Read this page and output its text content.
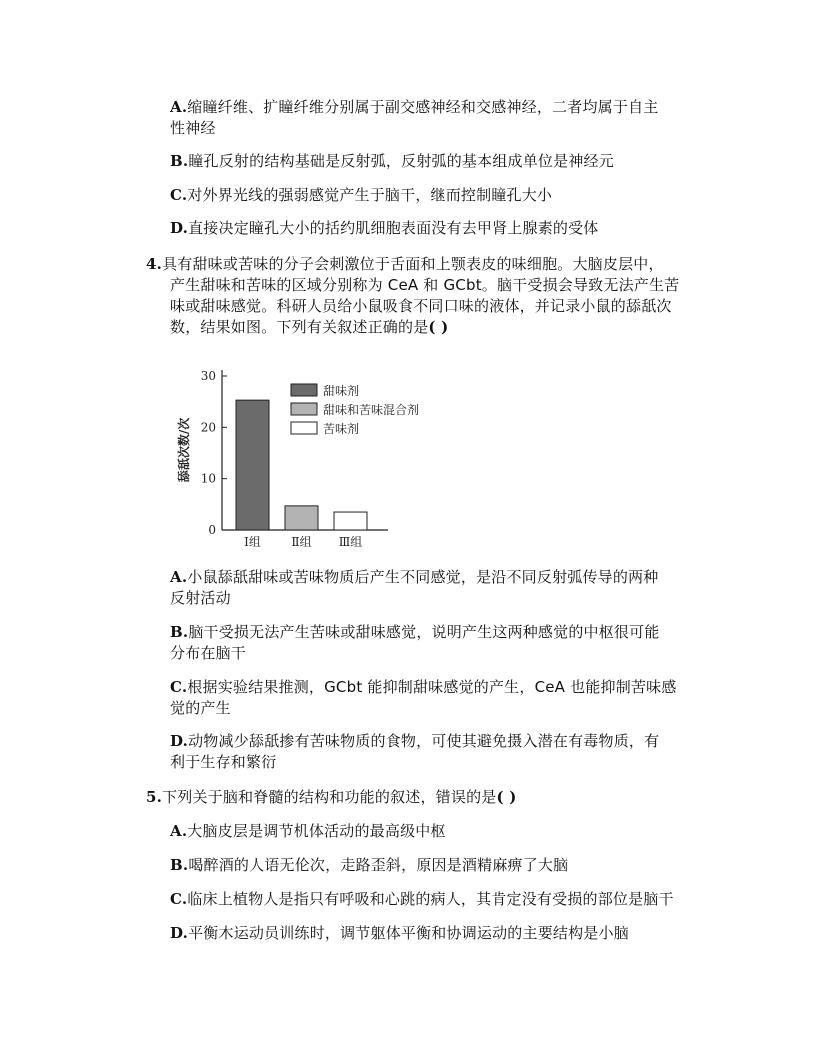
A.缩瞳纤维、扩瞳纤维分别属于副交感神经和交感神经，二者均属于自主
性神经
B.瞳孔反射的结构基础是反射弧，反射弧的基本组成单位是神经元
C.对外界光线的强弱感觉产生于脑干，继而控制瞳孔大小
D.直接决定瞳孔大小的括约肌细胞表面没有去甲肾上腺素的受体
4.具有甜味或苦味的分子会刺激位于舌面和上颚表皮的味细胞。大脑皮层中，
产生甜味和苦味的区域分别称为 CeA 和 GCbt。脑干受损会导致无法产生苦
味或甜味感觉。科研人员给小鼠吸食不同口味的液体，并记录小鼠的舔舐次
数，结果如图。下列有关叙述正确的是( )
0
10
20
30
舔舐次数/次
Ⅰ组	Ⅱ组 Ⅲ组
甜味剂
甜味和苦味混合剂
苦味剂
A.小鼠舔舐甜味或苦味物质后产生不同感觉，是沿不同反射弧传导的两种
反射活动
B.脑干受损无法产生苦味或甜味感觉，说明产生这两种感觉的中枢很可能
分布在脑干
C.根据实验结果推测，GCbt 能抑制甜味感觉的产生，CeA 也能抑制苦味感
觉的产生
D.动物减少舔舐掺有苦味物质的食物，可使其避免摄入潜在有毒物质，有
利于生存和繁衍
5.下列关于脑和脊髓的结构和功能的叙述，错误的是( )
A.大脑皮层是调节机体活动的最高级中枢
B.喝醉酒的人语无伦次，走路歪斜，原因是酒精麻痹了大脑
C.临床上植物人是指只有呼吸和心跳的病人，其肯定没有受损的部位是脑干
D.平衡木运动员训练时，调节躯体平衡和协调运动的主要结构是小脑
